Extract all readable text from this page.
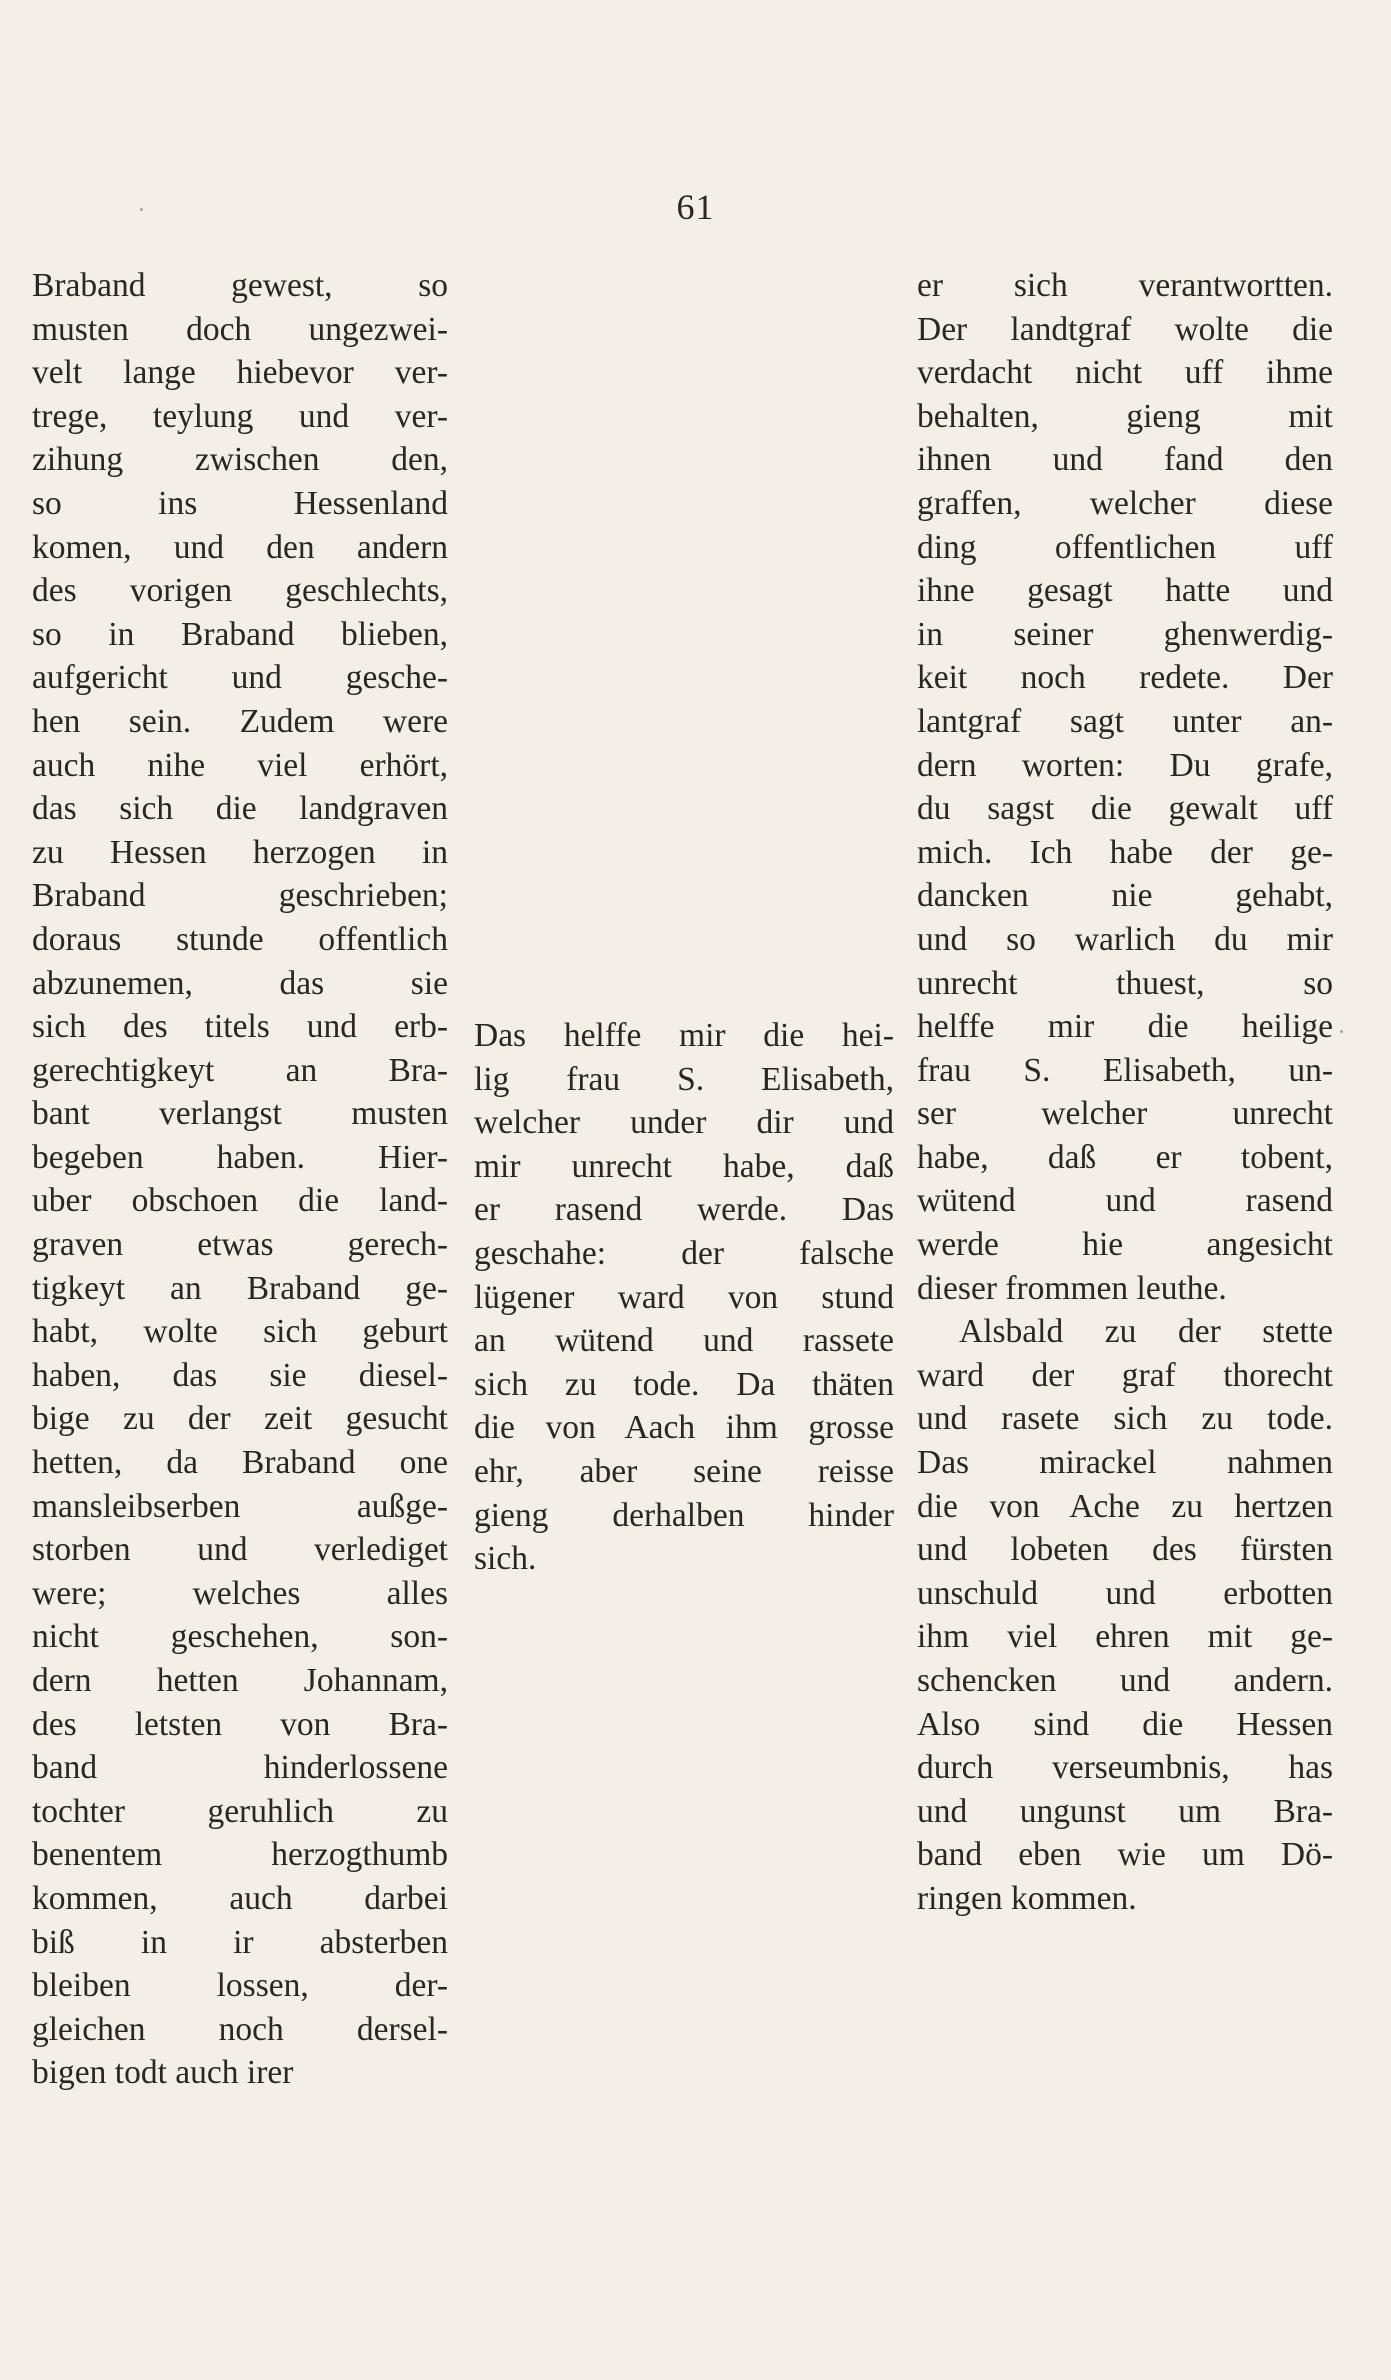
61
Braband gewest, so
musten doch ungezwei-
velt lange hiebevor ver-
trege, teylung und ver-
zihung zwischen den,
so ins Hessenland
komen, und den andern
des vorigen geschlechts,
so in Braband blieben,
aufgericht und gesche-
hen sein. Zudem were
auch nihe viel erhört,
das sich die landgraven
zu Hessen herzogen in
Braband geschrieben;
doraus stunde offentlich
abzunemen, das sie
sich des titels und erb-
gerechtigkeyt an Bra-
bant verlangst musten
begeben haben. Hier-
uber obschoen die land-
graven etwas gerech-
tigkeyt an Braband ge-
habt, wolte sich geburt
haben, das sie diesel-
bige zu der zeit gesucht
hetten, da Braband one
mansleibserben außge-
storben und verlediget
were; welches alles
nicht geschehen, son-
dern hetten Johannam,
des letsten von Bra-
band hinderlossene
tochter geruhlich zu
benentem herzogthumb
kommen, auch darbei
biß in ir absterben
bleiben lossen, der-
gleichen noch dersel-
bigen todt auch irer
Das helffe mir die hei-
lig frau S. Elisabeth,
welcher under dir und
mir unrecht habe, daß
er rasend werde. Das
geschahe: der falsche
lügener ward von stund
an wütend und rassete
sich zu tode. Da thäten
die von Aach ihm grosse
ehr, aber seine reisse
gieng derhalben hinder
sich.
er sich verantwortten.
Der landtgraf wolte die
verdacht nicht uff ihme
behalten, gieng mit
ihnen und fand den
graffen, welcher diese
ding offentlichen uff
ihne gesagt hatte und
in seiner ghenwerdig-
keit noch redete. Der
lantgraf sagt unter an-
dern worten: Du grafe,
du sagst die gewalt uff
mich. Ich habe der ge-
dancken nie gehabt,
und so warlich du mir
unrecht thuest, so
helffe mir die heilige
frau S. Elisabeth, un-
ser welcher unrecht
habe, daß er tobent,
wütend und rasend
werde hie angesicht
dieser frommen leuthe.
Alsbald zu der stette
ward der graf thorecht
und rasete sich zu tode.
Das mirackel nahmen
die von Ache zu hertzen
und lobeten des fürsten
unschuld und erbotten
ihm viel ehren mit ge-
schencken und andern.
Also sind die Hessen
durch verseumbnis, has
und ungunst um Bra-
band eben wie um Dö-
ringen kommen.
